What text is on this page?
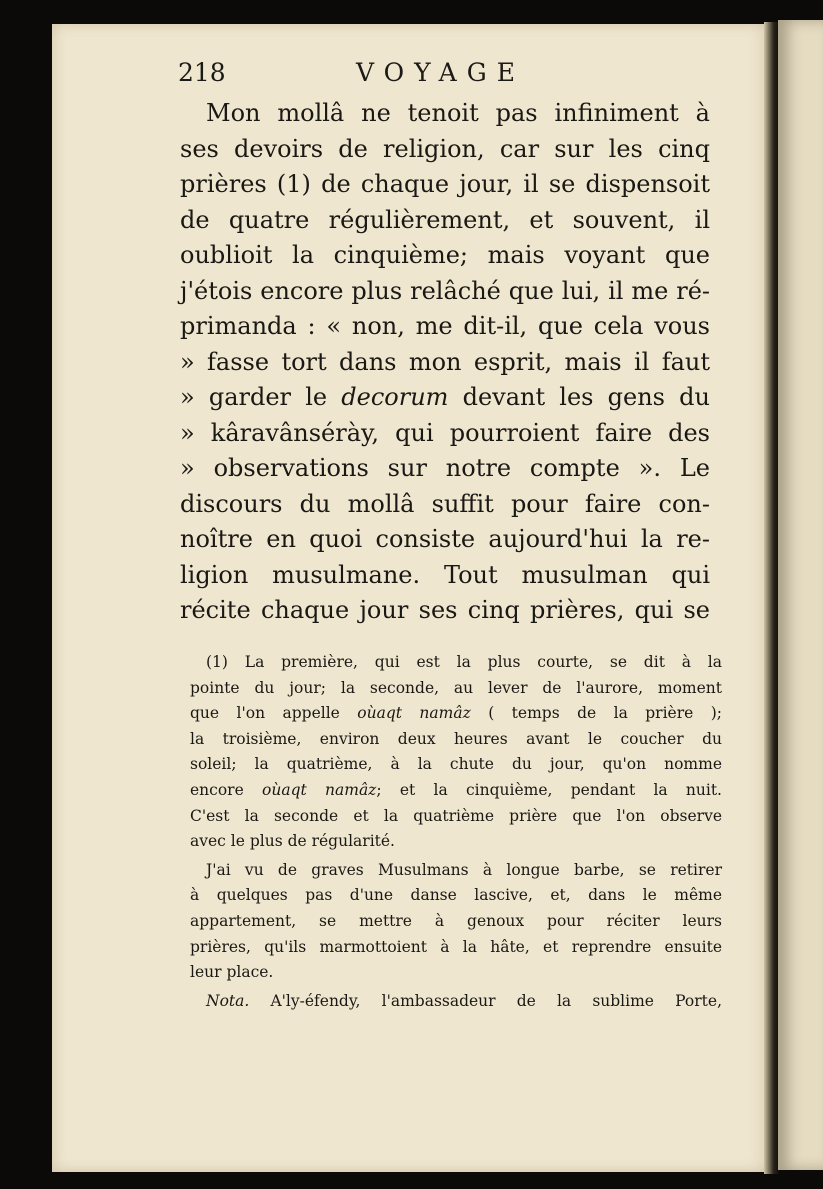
218	VOYAGE
Mon mollâ ne tenoit pas infiniment à
ses devoirs de religion, car sur les cinq
prières (1) de chaque jour, il se dispensoit
de quatre régulièrement, et souvent, il
oublioit la cinquième; mais voyant que
j'étois encore plus relâché que lui, il me ré-
primanda : « non, me dit-il, que cela vous
» fasse tort dans mon esprit, mais il faut
» garder le decorum devant les gens du
» kâravânsérày, qui pourroient faire des
» observations sur notre compte ». Le
discours du mollâ suffit pour faire con-
noître en quoi consiste aujourd'hui la re-
ligion musulmane. Tout musulman qui
récite chaque jour ses cinq prières, qui se
(1) La première, qui est la plus courte, se dit à la
pointe du jour; la seconde, au lever de l'aurore, moment
que l'on appelle oùaqt namâz ( temps de la prière );
la troisième, environ deux heures avant le coucher du
soleil; la quatrième, à la chute du jour, qu'on nomme
encore oùaqt namâz; et la cinquième, pendant la nuit.
C'est la seconde et la quatrième prière que l'on observe
avec le plus de régularité.
J'ai vu de graves Musulmans à longue barbe, se retirer
à quelques pas d'une danse lascive, et, dans le même
appartement, se mettre à genoux pour réciter leurs
prières, qu'ils marmottoient à la hâte, et reprendre ensuite
leur place.
Nota. A'ly-éfendy, l'ambassadeur de la sublime Porte,
